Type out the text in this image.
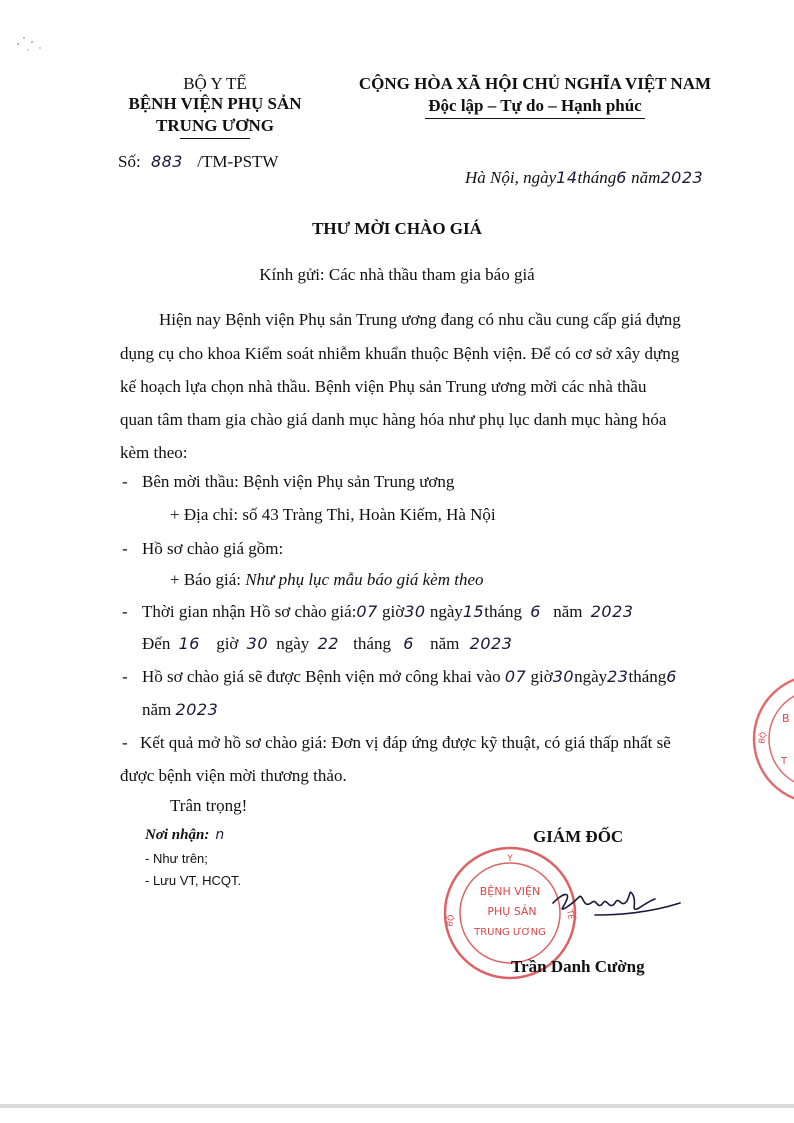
BỘ Y TẾ
BỆNH VIỆN PHỤ SẢN
TRUNG ƯƠNG
CỘNG HÒA XÃ HỘI CHỦ NGHĨA VIỆT NAM
Độc lập – Tự do – Hạnh phúc
Số: 883 /TM-PSTW
Hà Nội, ngày14tháng6 năm2023
THƯ MỜI CHÀO GIÁ
Kính gửi: Các nhà thầu tham gia báo giá
Hiện nay Bệnh viện Phụ sản Trung ương đang có nhu cầu cung cấp giá đựng
dụng cụ cho khoa Kiểm soát nhiễm khuẩn thuộc Bệnh viện. Để có cơ sở xây dựng
kế hoạch lựa chọn nhà thầu. Bệnh viện Phụ sản Trung ương mời các nhà thầu
quan tâm tham gia chào giá danh mục hàng hóa như phụ lục danh mục hàng hóa
kèm theo:
- Bên mời thầu: Bệnh viện Phụ sản Trung ương
+ Địa chỉ: số 43 Tràng Thi, Hoàn Kiếm, Hà Nội
- Hồ sơ chào giá gồm:
+ Báo giá: Như phụ lục mẫu báo giá kèm theo
- Thời gian nhận Hồ sơ chào giá:07 giờ30 ngày15tháng 6 năm 2023
Đến 16 giờ 30 ngày 22 tháng 6 năm 2023
- Hồ sơ chào giá sẽ được Bệnh viện mở công khai vào 07 giờ30ngày23tháng6
năm 2023
- Kết quả mở hồ sơ chào giá: Đơn vị đáp ứng được kỹ thuật, có giá thấp nhất sẽ
được bệnh viện mời thương thảo.
Trân trọng!
Nơi nhận: n
- Như trên;
- Lưu VT, HCQT.
GIÁM ĐỐC
Y
BỆNH VIỆN
PHỤ SẢN
TRUNG ƯƠNG
BỘ	TẾ
B
BỘ
T
Trần Danh Cường
